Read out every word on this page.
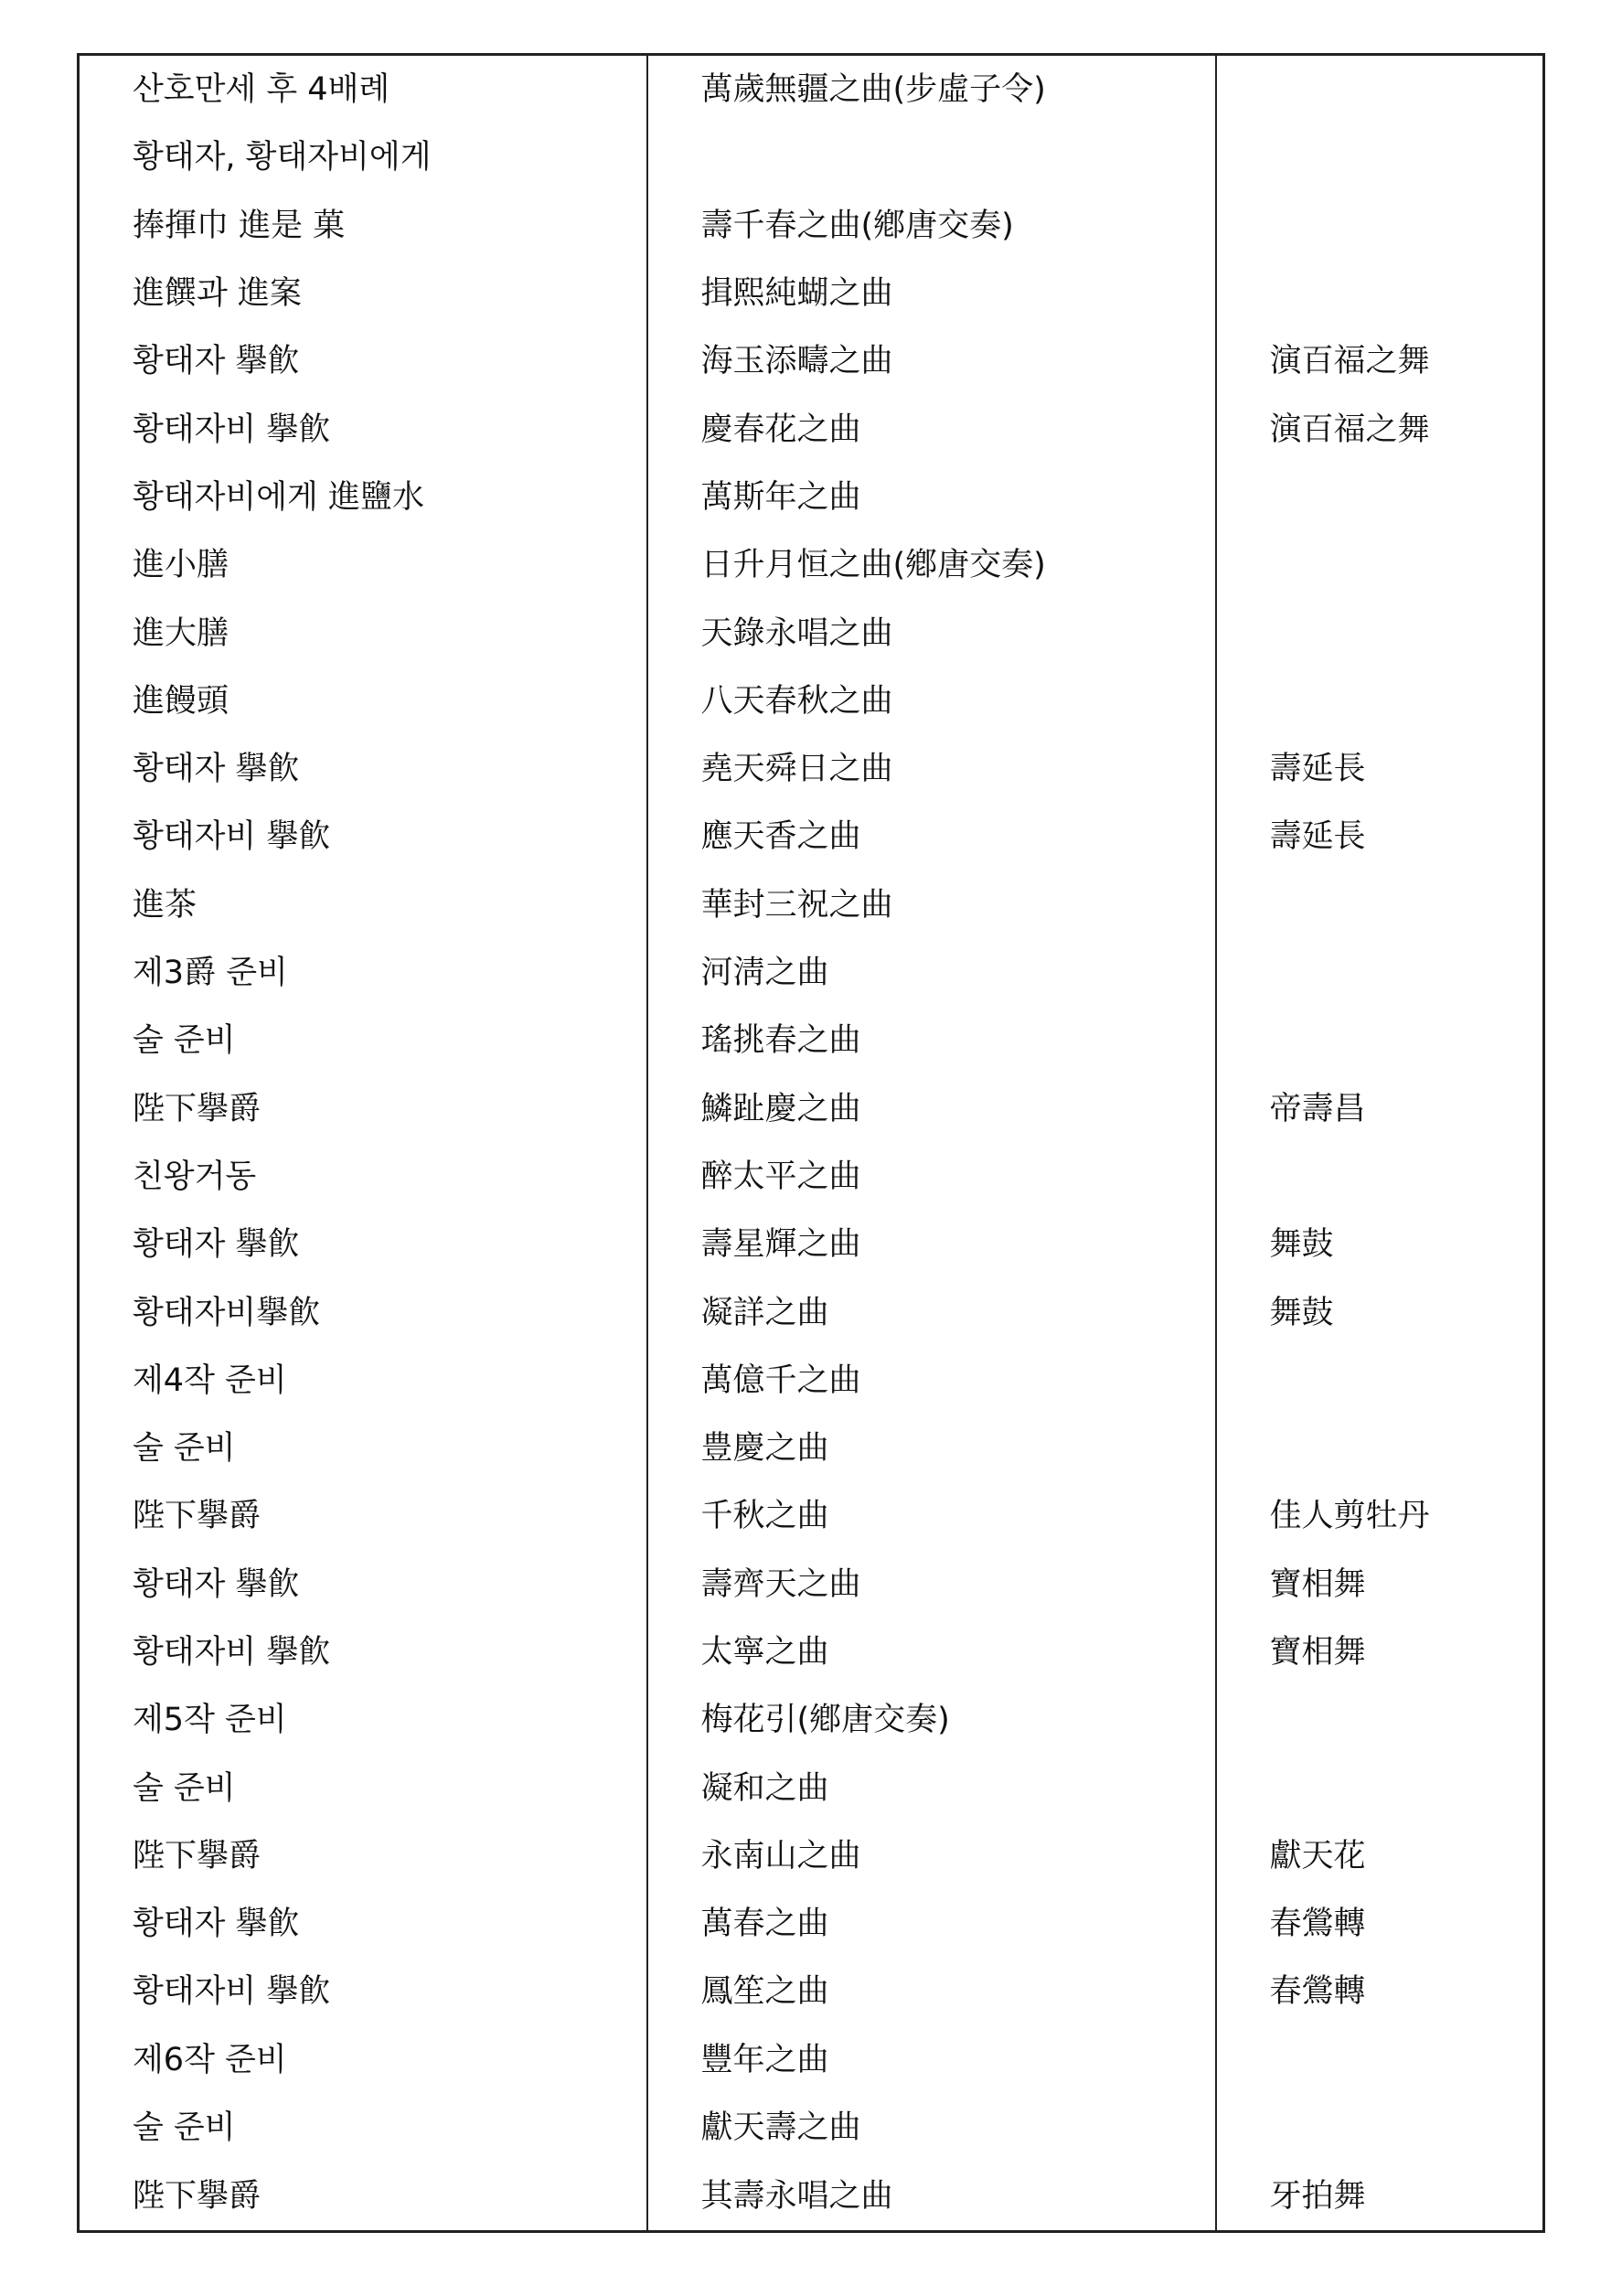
산호만세 후 4배례	萬歲無疆之曲(步虛子令)	
황태자, 황태자비에게		
捧揮巾 進是 菓	壽千春之曲(鄕唐交奏)	
進饌과 進案	揖熙純蝴之曲	
황태자 擧飮	海玉添疇之曲	演百福之舞
황태자비 擧飮	慶春花之曲	演百福之舞
황태자비에게 進鹽水	萬斯年之曲	
進小膳	日升月恒之曲(鄕唐交奏)	
進大膳	天錄永唱之曲	
進饅頭	八天春秋之曲	
황태자 擧飮	堯天舜日之曲	壽延長
황태자비 擧飮	應天香之曲	壽延長
進茶	華封三祝之曲	
제3爵 준비	河淸之曲	
술 준비	瑤挑春之曲	
陛下擧爵	鱗趾慶之曲	帝壽昌
친왕거동	醉太平之曲	
황태자 擧飮	壽星輝之曲	舞鼓
황태자비擧飮	凝詳之曲	舞鼓
제4작 준비	萬億千之曲	
술 준비	豊慶之曲	
陛下擧爵	千秋之曲	佳人剪牡丹
황태자 擧飮	壽齊天之曲	寶相舞
황태자비 擧飮	太寧之曲	寶相舞
제5작 준비	梅花引(鄕唐交奏)	
술 준비	凝和之曲	
陛下擧爵	永南山之曲	獻天花
황태자 擧飮	萬春之曲	春鶯轉
황태자비 擧飮	鳳笙之曲	春鶯轉
제6작 준비	豐年之曲	
술 준비	獻天壽之曲	
陛下擧爵	其壽永唱之曲	牙拍舞
